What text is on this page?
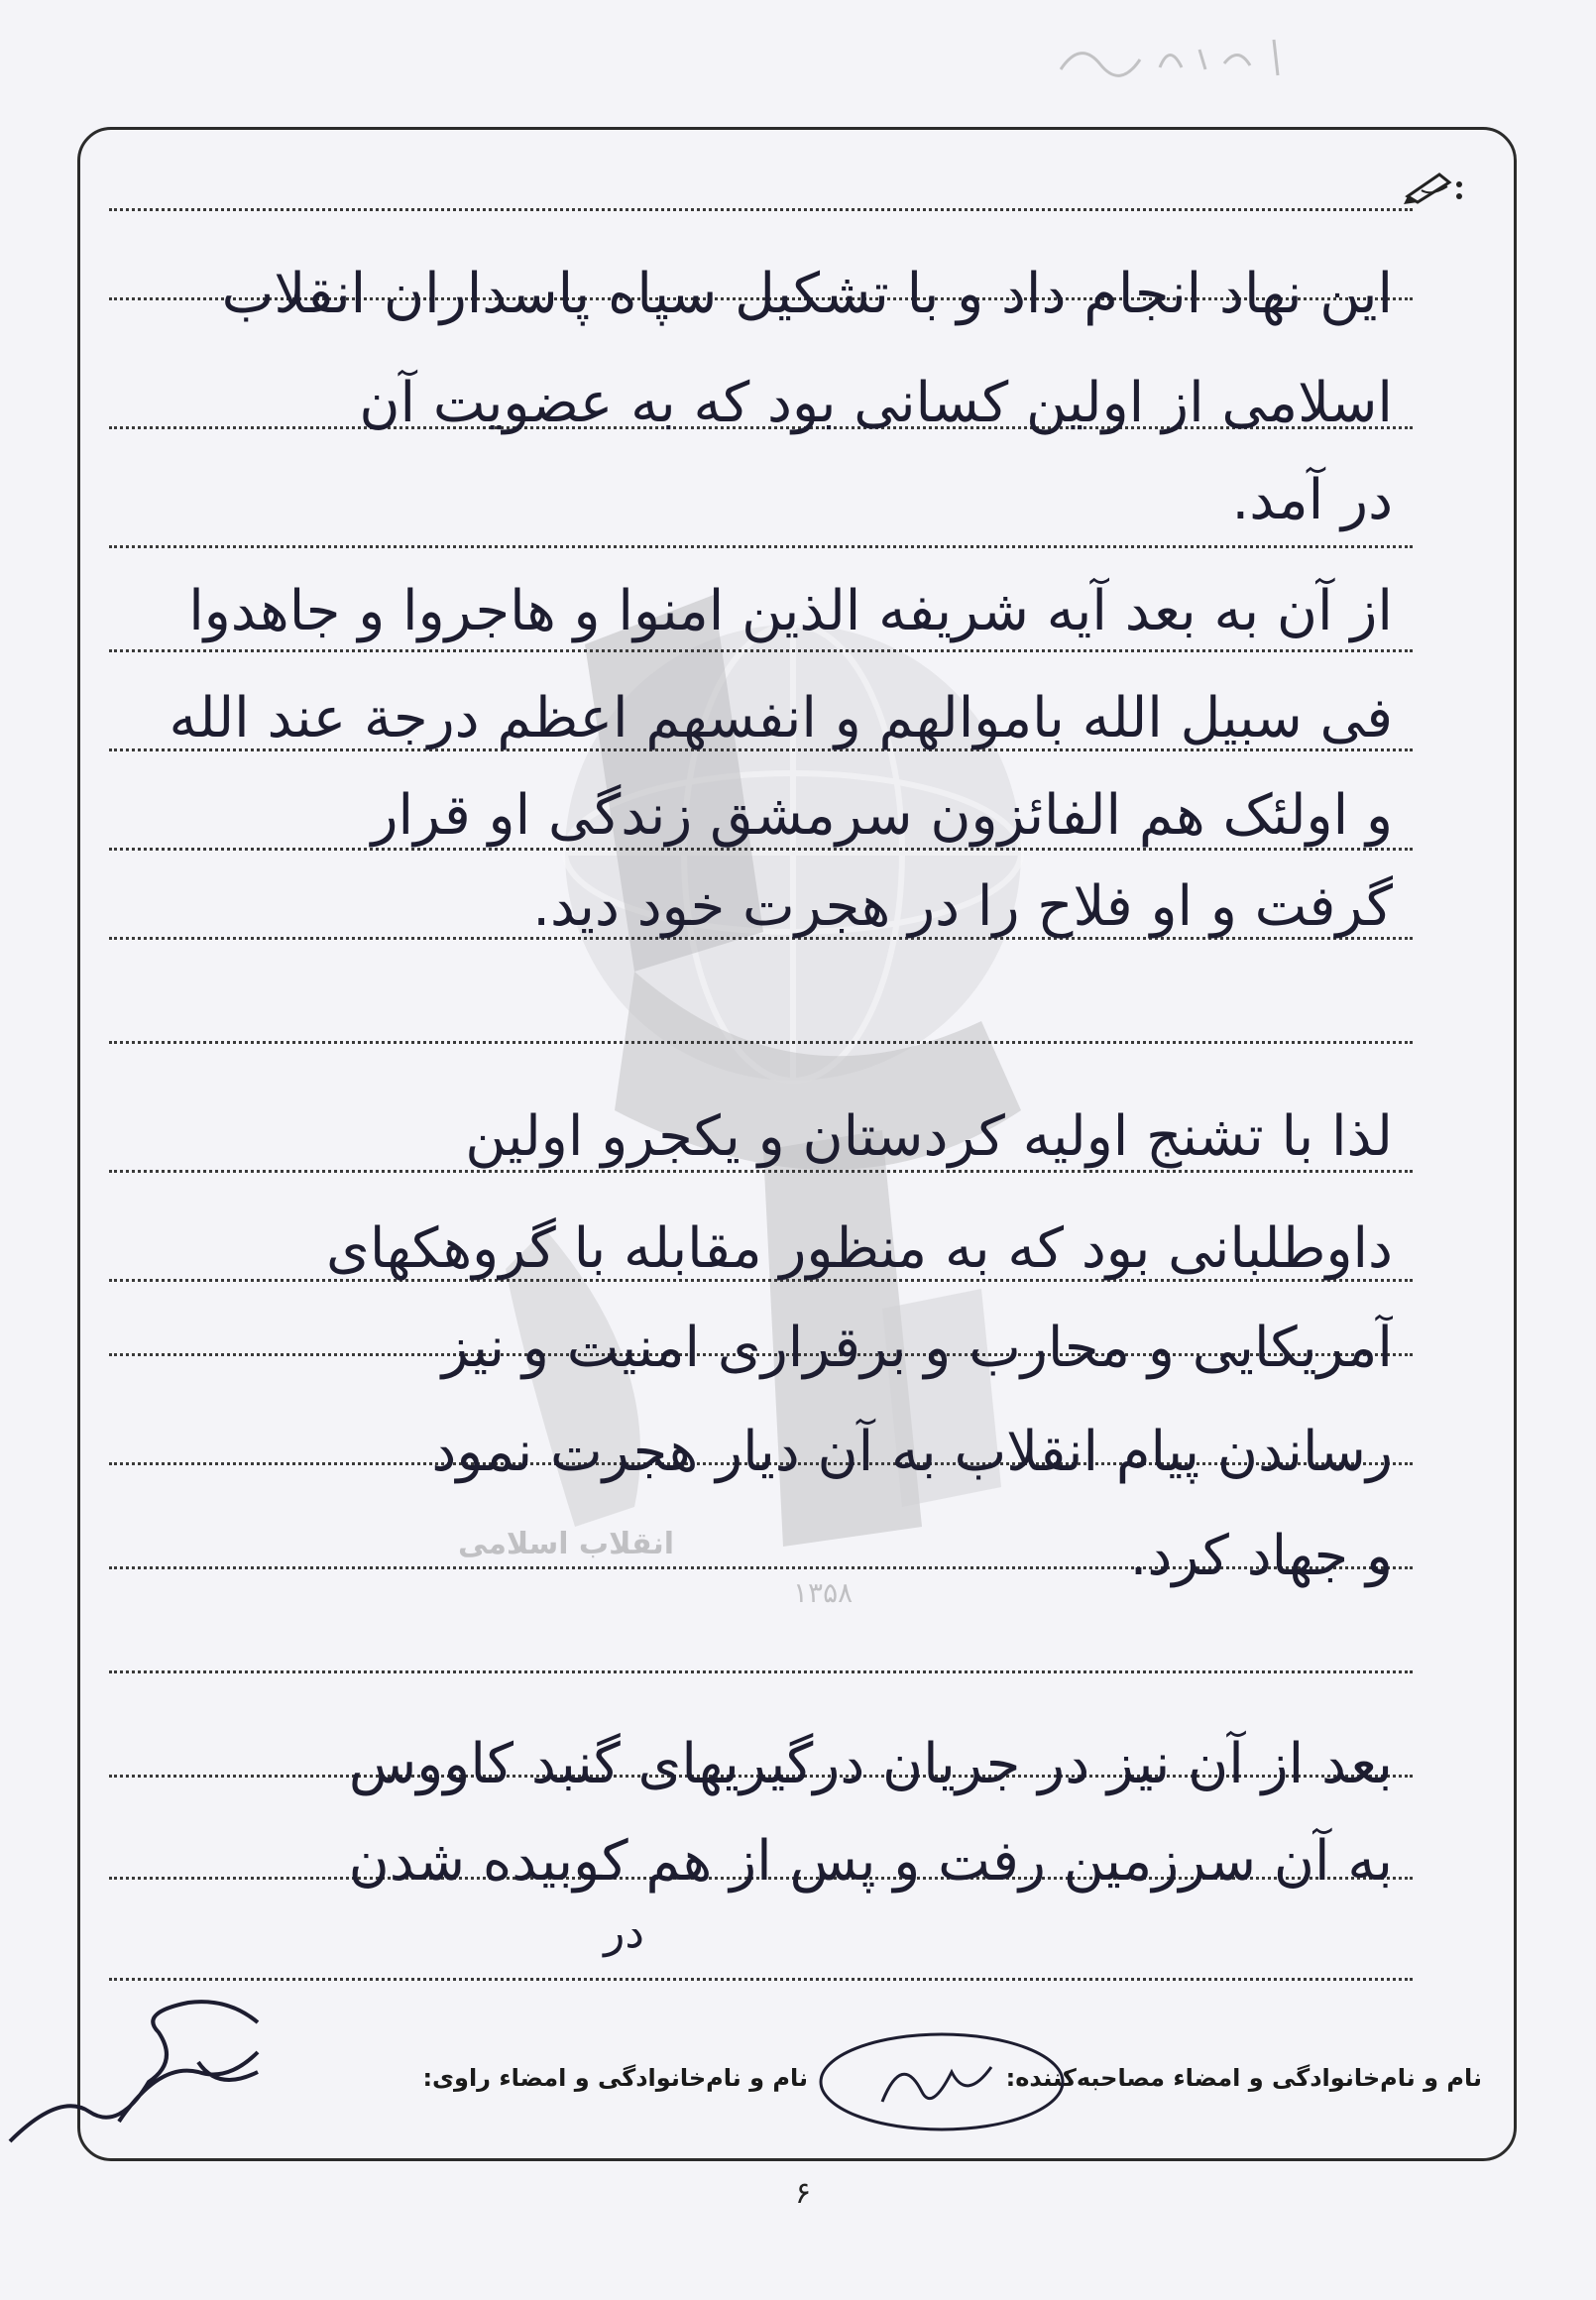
انقلاب اسلامی
۱۳۵۸
این نهاد انجام داد و با تشکیل سپاه پاسداران انقلاب
اسلامی از اولین کسانی بود که به عضویت آن
در آمد.
از آن به بعد آیه شریفه الذین امنوا و هاجروا و جاهدوا
فی سبیل الله باموالهم و انفسهم اعظم درجة عند الله
و اولئک هم الفائزون سرمشق زندگی او قرار
گرفت و او فلاح را در هجرت خود دید.
لذا با تشنج اولیه کردستان و یکجرو اولین
داوطلبانی بود که به منظور مقابله با گروهکهای
آمریکایی و محارب و برقراری امنیت و نیز
رساندن پیام انقلاب به آن دیار هجرت نمود
و جهاد کرد.
بعد از آن نیز در جریان درگیریهای گنبد کاووس
به آن سرزمین رفت و پس از هم کوبیده شدن
در
نام و نام‌خانوادگی و امضاء مصاحبه‌کننده:
نام و نام‌خانوادگی و امضاء راوی:
۶
